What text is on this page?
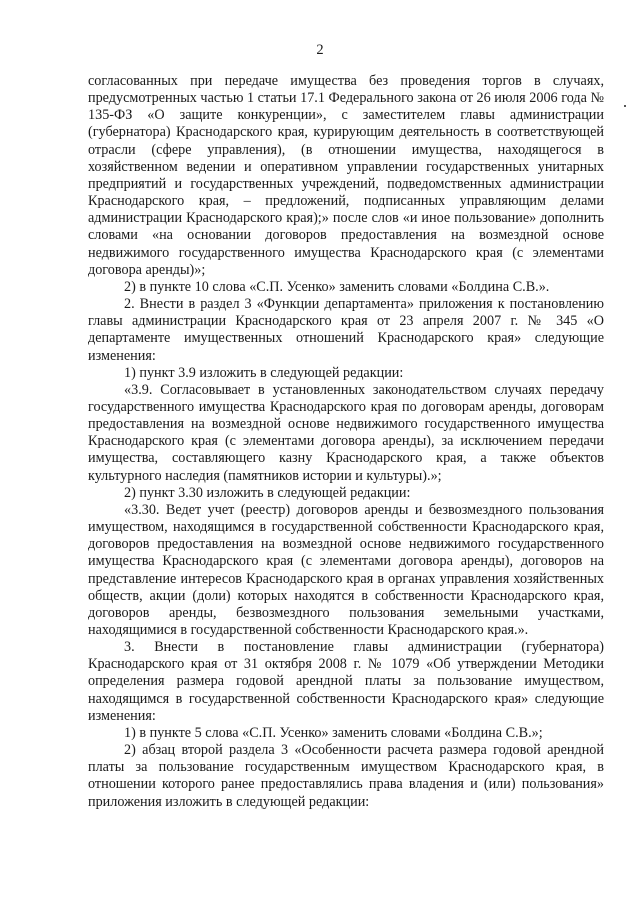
2

согласованных при передаче имущества без проведения торгов в случаях, предусмотренных частью 1 статьи 17.1 Федерального закона от 26 июля 2006 года № 135-ФЗ «О защите конкуренции», с заместителем главы администрации (губернатора) Краснодарского края, курирующим деятельность в соответствующей отрасли (сфере управления), (в отношении имущества, находящегося в хозяйственном ведении и оперативном управлении государственных унитарных предприятий и государственных учреждений, подведомственных администрации Краснодарского края, – предложений, подписанных управляющим делами администрации Краснодарского края);» после слов «и иное пользование» дополнить словами «на основании договоров предоставления на возмездной основе недвижимого государственного имущества Краснодарского края (с элементами договора аренды)»;

2) в пункте 10 слова «С.П. Усенко» заменить словами «Болдина С.В.».

2. Внести в раздел 3 «Функции департамента» приложения к постановлению главы администрации Краснодарского края от 23 апреля 2007 г. № 345 «О департаменте имущественных отношений Краснодарского края» следующие изменения:

1) пункт 3.9 изложить в следующей редакции:

«3.9. Согласовывает в установленных законодательством случаях передачу государственного имущества Краснодарского края по договорам аренды, договорам предоставления на возмездной основе недвижимого государственного имущества Краснодарского края (с элементами договора аренды), за исключением передачи имущества, составляющего казну Краснодарского края, а также объектов культурного наследия (памятников истории и культуры).»;

2) пункт 3.30 изложить в следующей редакции:

«3.30. Ведет учет (реестр) договоров аренды и безвозмездного пользования имуществом, находящимся в государственной собственности Краснодарского края, договоров предоставления на возмездной основе недвижимого государственного имущества Краснодарского края (с элементами договора аренды), договоров на представление интересов Краснодарского края в органах управления хозяйственных обществ, акции (доли) которых находятся в собственности Краснодарского края, договоров аренды, безвозмездного пользования земельными участками, находящимися в государственной собственности Краснодарского края.».

3. Внести в постановление главы администрации (губернатора) Краснодарского края от 31 октября 2008 г. № 1079 «Об утверждении Методики определения размера годовой арендной платы за пользование имуществом, находящимся в государственной собственности Краснодарского края» следующие изменения:

1) в пункте 5 слова «С.П. Усенко» заменить словами «Болдина С.В.»;

2) абзац второй раздела 3 «Особенности расчета размера годовой арендной платы за пользование государственным имуществом Краснодарского края, в отношении которого ранее предоставлялись права владения и (или) пользования» приложения изложить в следующей редакции:
